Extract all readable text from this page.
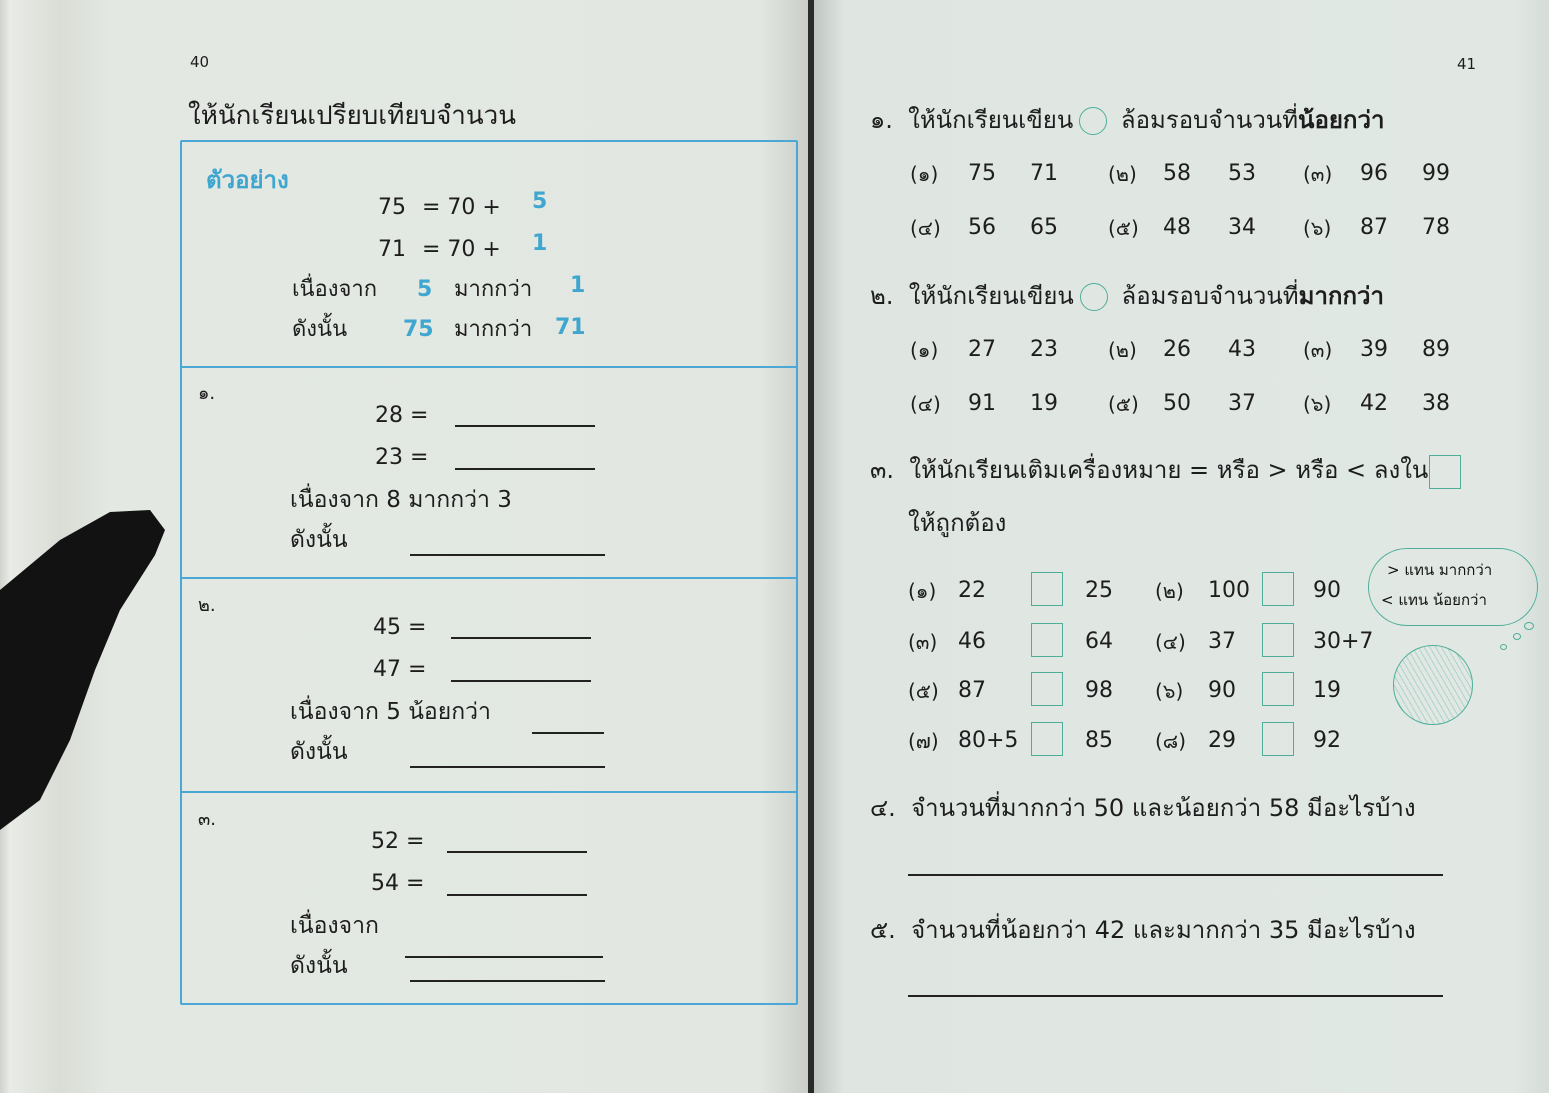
40
ให้นักเรียนเปรียบเทียบจำนวน
ตัวอย่าง
75 = 70 + 5
71 = 70 + 1
เนื่องจาก 5 มากกว่า 1
ดังนั้น	75 มากกว่า 71
๑.
28 =
23 =
เนื่องจาก 8 มากกว่า 3
ดังนั้น
๒.
45 =
47 =
เนื่องจาก 5 น้อยกว่า
ดังนั้น
๓.
52 =
54 =
เนื่องจาก
ดังนั้น
41
๑. ให้นักเรียนเขียน ล้อมรอบจำนวนที่น้อยกว่า
๒. ให้นักเรียนเขียน ล้อมรอบจำนวนที่มากกว่า
๓. ให้นักเรียนเติมเครื่องหมาย = หรือ > หรือ < ลงใน
ให้ถูกต้อง
(๑) 75 71	(๒) 58 53 (๓) 96 99
(๔) 56 65	(๕) 48 34 (๖) 87 78
(๑) 27 23	(๒) 26 43 (๓) 39 89
(๔) 91 19	(๕) 50 37 (๖) 42 38
(๑) 22	25 (๒) 100	90
(๓) 46	64 (๔) 37	30+7
(๕) 87	98 (๖) 90	19
(๗) 80+5	85 (๘) 29	92
> แทน มากกว่า
< แทน น้อยกว่า
๔. จำนวนที่มากกว่า 50 และน้อยกว่า 58 มีอะไรบ้าง
๕. จำนวนที่น้อยกว่า 42 และมากกว่า 35 มีอะไรบ้าง
